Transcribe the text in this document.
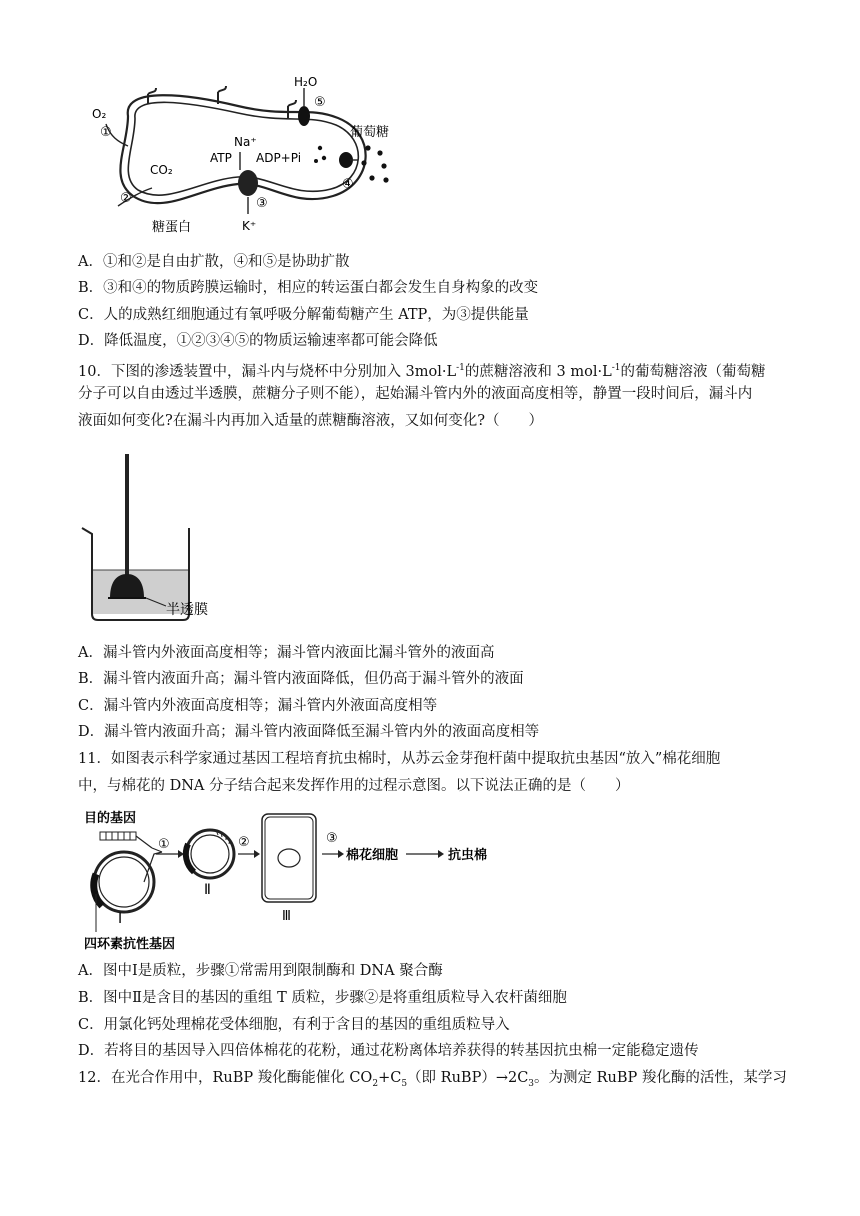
O₂
①
CO₂
②
糖蛋白
H₂O
⑤
葡萄糖
④
Na⁺
ATP ADP+Pi
③
K⁺
A．①和②是自由扩散，④和⑤是协助扩散
B．③和④的物质跨膜运输时，相应的转运蛋白都会发生自身构象的改变
C．人的成熟红细胞通过有氧呼吸分解葡萄糖产生 ATP，为③提供能量
D．降低温度，①②③④⑤的物质运输速率都可能会降低
10．下图的渗透装置中，漏斗内与烧杯中分别加入 $3mol\cdot L^{-1}$的蔗糖溶液和 3 $mol\cdot L^{-1}$的葡萄糖溶液（葡萄糖
分子可以自由透过半透膜，蔗糖分子则不能），起始漏斗管内外的液面高度相等，静置一段时间后，漏斗内
液面如何变化?在漏斗内再加入适量的蔗糖酶溶液，又如何变化?（　　）
半透膜
A．漏斗管内外液面高度相等；漏斗管内液面比漏斗管外的液面高
B．漏斗管内液面升高；漏斗管内液面降低，但仍高于漏斗管外的液面
C．漏斗管内外液面高度相等；漏斗管内外液面高度相等
D．漏斗管内液面升高；漏斗管内液面降低至漏斗管内外的液面高度相等
11．如图表示科学家通过基因工程培育抗虫棉时，从苏云金芽孢杆菌中提取抗虫基因“放入”棉花细胞
中，与棉花的 DNA 分子结合起来发挥作用的过程示意图。以下说法正确的是（　　）
目的基因
①
Ⅰ
四环素抗性基因
Ⅱ
②
Ⅲ
③
棉花细胞	抗虫棉
A．图中Ⅰ是质粒，步骤①常需用到限制酶和 DNA 聚合酶
B．图中Ⅱ是含目的基因的重组 T 质粒，步骤②是将重组质粒导入农杆菌细胞
C．用氯化钙处理棉花受体细胞，有利于含目的基因的重组质粒导入
D．若将目的基因导入四倍体棉花的花粉，通过花粉离体培养获得的转基因抗虫棉一定能稳定遗传
12．在光合作用中，RuBP 羧化酶能催化 $CO_2+C_5$（即 $RuBP)\to 2C_3$。为测定 RuBP 羧化酶的活性，某学习
